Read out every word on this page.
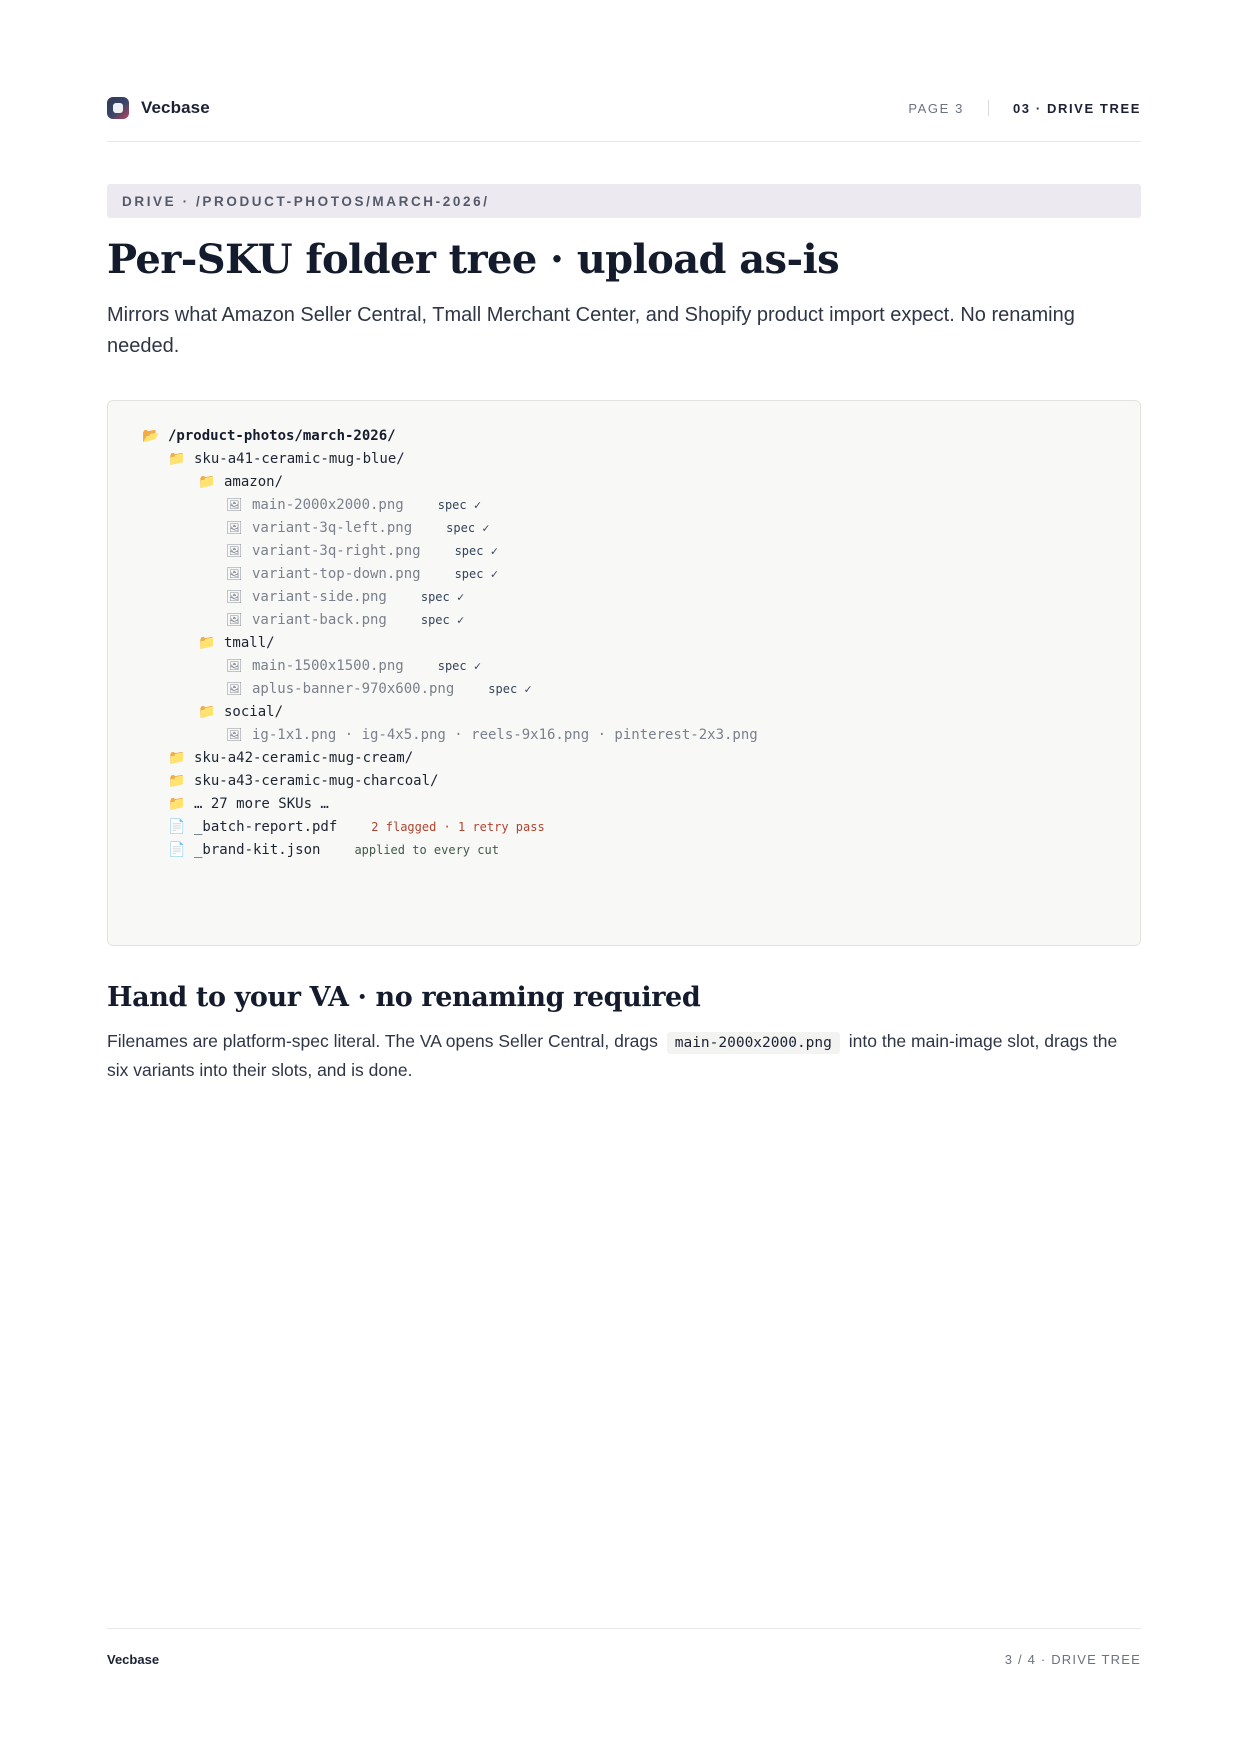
Vecbase	PAGE 3	03 · DRIVE TREE
DRIVE · /PRODUCT-PHOTOS/MARCH-2026/
Per-SKU folder tree · upload as-is

Mirrors what Amazon Seller Central, Tmall Merchant Center, and Shopify product import expect. No renaming needed.

📂 /product-photos/march-2026/
📁 sku-a41-ceramic-mug-blue/
📁 amazon/
🖼 main-2000x2000.png	spec ✓
🖼 variant-3q-left.png	spec ✓
🖼 variant-3q-right.png	spec ✓
🖼 variant-top-down.png	spec ✓
🖼 variant-side.png	spec ✓
🖼 variant-back.png	spec ✓
📁 tmall/
🖼 main-1500x1500.png	spec ✓
🖼 aplus-banner-970x600.png	spec ✓
📁 social/
🖼 ig-1x1.png · ig-4x5.png · reels-9x16.png · pinterest-2x3.png
📁 sku-a42-ceramic-mug-cream/
📁 sku-a43-ceramic-mug-charcoal/
📁 … 27 more SKUs …
📄 _batch-report.pdf	2 flagged · 1 retry pass
📄 _brand-kit.json	applied to every cut
Hand to your VA · no renaming required

Filenames are platform-spec literal. The VA opens Seller Central, drags main-2000x2000.png into the main-image slot, drags the six variants into their slots, and is done.

Vecbase	3 / 4 · DRIVE TREE
